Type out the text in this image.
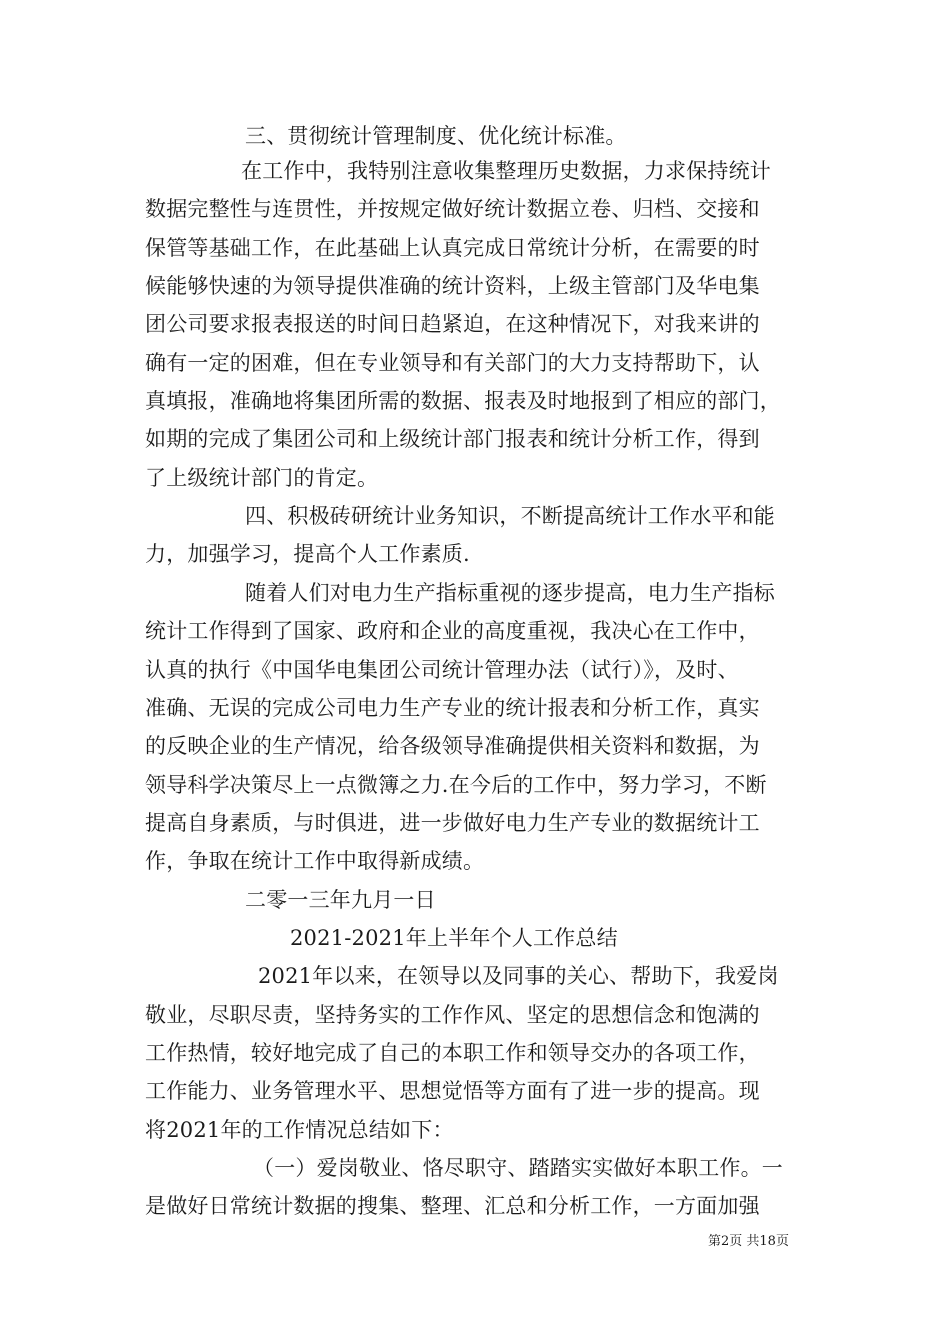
三、贯彻统计管理制度、优化统计标准。
在工作中，我特别注意收集整理历史数据，力求保持统计
数据完整性与连贯性，并按规定做好统计数据立卷、归档、交接和
保管等基础工作，在此基础上认真完成日常统计分析，在需要的时
候能够快速的为领导提供准确的统计资料，上级主管部门及华电集
团公司要求报表报送的时间日趋紧迫，在这种情况下，对我来讲的
确有一定的困难，但在专业领导和有关部门的大力支持帮助下，认
真填报，准确地将集团所需的数据、报表及时地报到了相应的部门，
如期的完成了集团公司和上级统计部门报表和统计分析工作，得到
了上级统计部门的肯定。
四、积极砖研统计业务知识，不断提高统计工作水平和能
力，加强学习，提高个人工作素质.
随着人们对电力生产指标重视的逐步提高，电力生产指标
统计工作得到了国家、政府和企业的高度重视，我决心在工作中，
认真的执行《中国华电集团公司统计管理办法（试行）》，及时、
准确、无误的完成公司电力生产专业的统计报表和分析工作，真实
的反映企业的生产情况，给各级领导准确提供相关资料和数据，为
领导科学决策尽上一点微簿之力.在今后的工作中，努力学习，不断
提高自身素质，与时俱进，进一步做好电力生产专业的数据统计工
作，争取在统计工作中取得新成绩。
二零一三年九月一日
2021-2021年上半年个人工作总结
2021年以来，在领导以及同事的关心、帮助下，我爱岗
敬业，尽职尽责，坚持务实的工作作风、坚定的思想信念和饱满的
工作热情，较好地完成了自己的本职工作和领导交办的各项工作，
工作能力、业务管理水平、思想觉悟等方面有了进一步的提高。现
将2021年的工作情况总结如下：
（一）爱岗敬业、恪尽职守、踏踏实实做好本职工作。一
是做好日常统计数据的搜集、整理、汇总和分析工作，一方面加强
第2页 共18页
